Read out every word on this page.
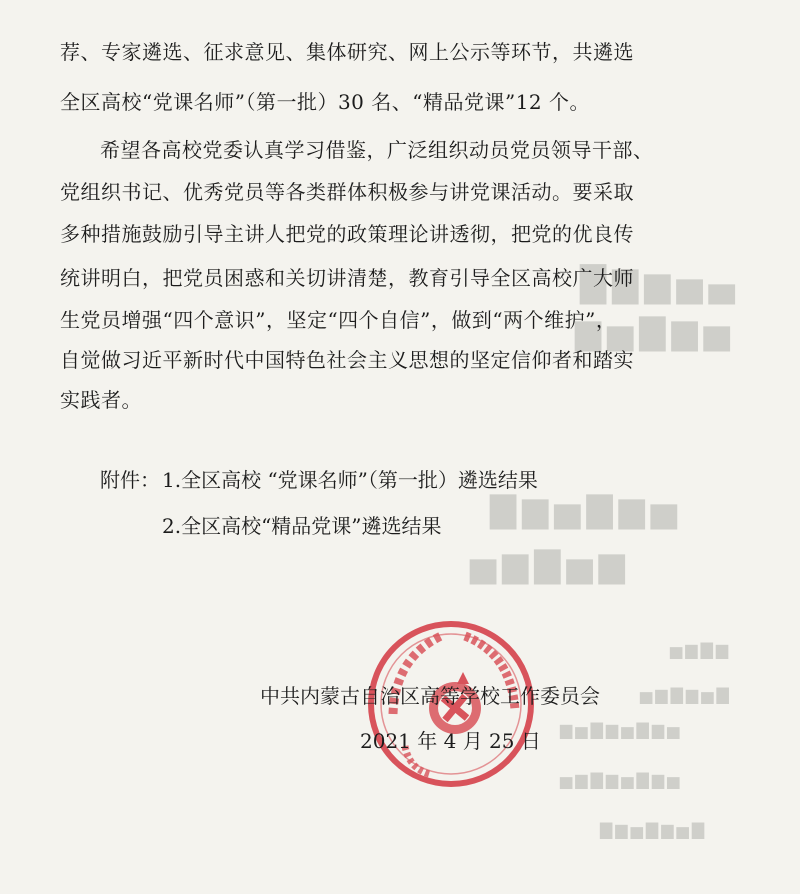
█▇▆▅▄
▆▅▇▆▅
▇▆▅▇▆▅
▅▆▇▅▆
▅▆▇▆
▅▆▇▆▅▇
▆▅▇▆▅▇▆▅
▅▆▇▆▅▇▆▅
▇▆▅▇▆▅▇
荐、专家遴选、征求意见、集体研究、网上公示等环节，共遴选
全区高校“党课名师”（第一批）30 名、“精品党课”12 个。
希望各高校党委认真学习借鉴，广泛组织动员党员领导干部、
党组织书记、优秀党员等各类群体积极参与讲党课活动。要采取
多种措施鼓励引导主讲人把党的政策理论讲透彻，把党的优良传
统讲明白，把党员困惑和关切讲清楚，教育引导全区高校广大师
生党员增强“四个意识”，坚定“四个自信”，做到“两个维护”，
自觉做习近平新时代中国特色社会主义思想的坚定信仰者和踏实
实践者。
附件： 1.全区高校 “党课名师”（第一批）遴选结果
2.全区高校“精品党课”遴选结果
中共内蒙古自治区高等学校工作委员会
2021 年 4 月 25 日
